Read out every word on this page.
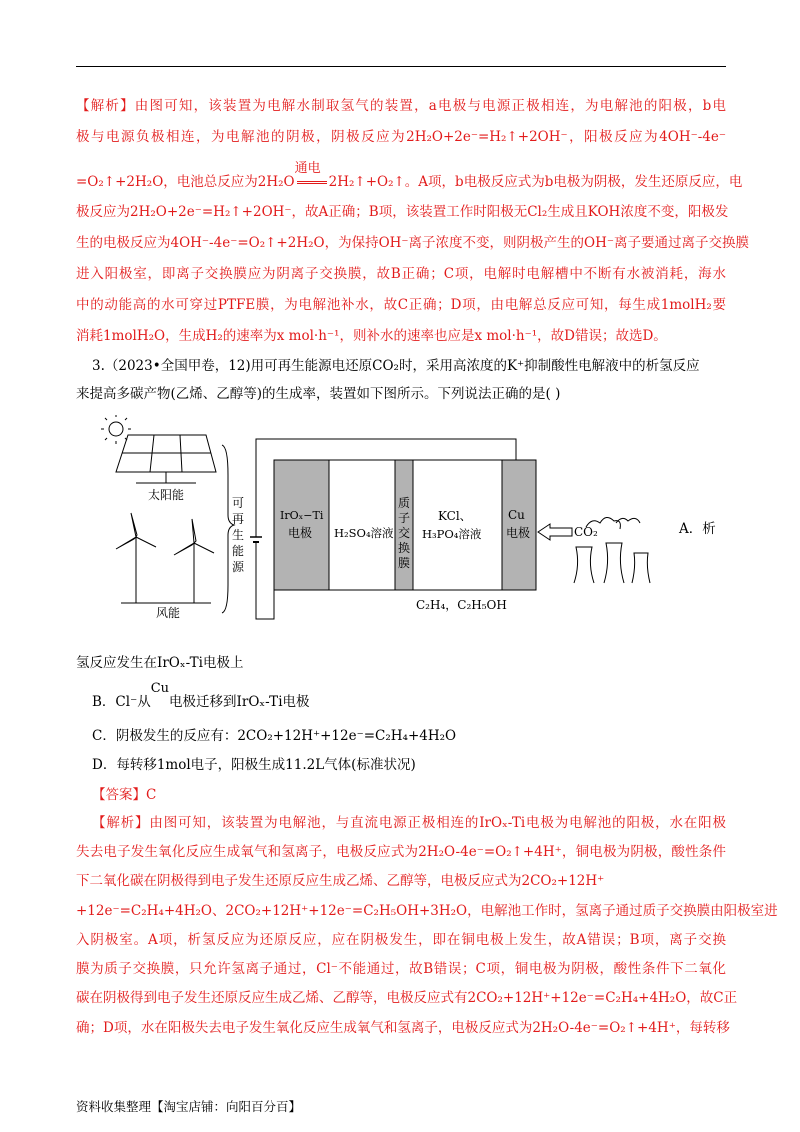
【解析】由图可知，该装置为电解水制取氢气的装置，a电极与电源正极相连，为电解池的阳极，b电
极与电源负极相连，为电解池的阴极，阴极反应为2H₂O+2e⁻=H₂↑+2OH⁻，阳极反应为4OH⁻-4e⁻
=O₂↑+2H₂O，电池总反应为2H₂O
通电
2H₂↑+O₂↑。A项，b电极反应式为b电极为阴极，发生还原反应，电
极反应为2H₂O+2e⁻=H₂↑+2OH⁻，故A正确；B项，该装置工作时阳极无Cl₂生成且KOH浓度不变，阳极发
生的电极反应为4OH⁻-4e⁻=O₂↑+2H₂O，为保持OH⁻离子浓度不变，则阴极产生的OH⁻离子要通过离子交换膜
进入阳极室，即离子交换膜应为阴离子交换膜，故B正确；C项，电解时电解槽中不断有水被消耗，海水
中的动能高的水可穿过PTFE膜，为电解池补水，故C正确；D项，由电解总反应可知，每生成1molH₂要
消耗1molH₂O，生成H₂的速率为x mol·h⁻¹，则补水的速率也应是x mol·h⁻¹，故D错误；故选D。
3.（2023•全国甲卷，12)用可再生能源电还原CO₂时，采用高浓度的K⁺抑制酸性电解液中的析氢反应
来提高多碳产物(乙烯、乙醇等)的生成率，装置如下图所示。下列说法正确的是( )
太阳能
风能
可
再
生
能
源
IrOₓ−Ti
电极 H₂SO₄溶液
质
子
交
换
膜
KCl、
H₃PO₄溶液
Cu
电极	CO₂
C₂H₄，C₂H₅OH
A．析
氢反应发生在IrOₓ-Ti电极上
B．Cl⁻从Cu电极迁移到IrOₓ-Ti电极
C．阴极发生的反应有：2CO₂+12H⁺+12e⁻=C₂H₄+4H₂O
D．每转移1mol电子，阳极生成11.2L气体(标准状况)
【答案】C
【解析】由图可知，该装置为电解池，与直流电源正极相连的IrOₓ-Ti电极为电解池的阳极，水在阳极
失去电子发生氧化反应生成氧气和氢离子，电极反应式为2H₂O-4e⁻=O₂↑+4H⁺，铜电极为阴极，酸性条件
下二氧化碳在阴极得到电子发生还原反应生成乙烯、乙醇等，电极反应式为2CO₂+12H⁺
+12e⁻=C₂H₄+4H₂O、2CO₂+12H⁺+12e⁻=C₂H₅OH+3H₂O，电解池工作时，氢离子通过质子交换膜由阳极室进
入阴极室。A项，析氢反应为还原反应，应在阴极发生，即在铜电极上发生，故A错误；B项，离子交换
膜为质子交换膜，只允许氢离子通过，Cl⁻不能通过，故B错误；C项，铜电极为阴极，酸性条件下二氧化
碳在阴极得到电子发生还原反应生成乙烯、乙醇等，电极反应式有2CO₂+12H⁺+12e⁻=C₂H₄+4H₂O，故C正
确；D项，水在阳极失去电子发生氧化反应生成氧气和氢离子，电极反应式为2H₂O-4e⁻=O₂↑+4H⁺，每转移
资料收集整理【淘宝店铺：向阳百分百】
